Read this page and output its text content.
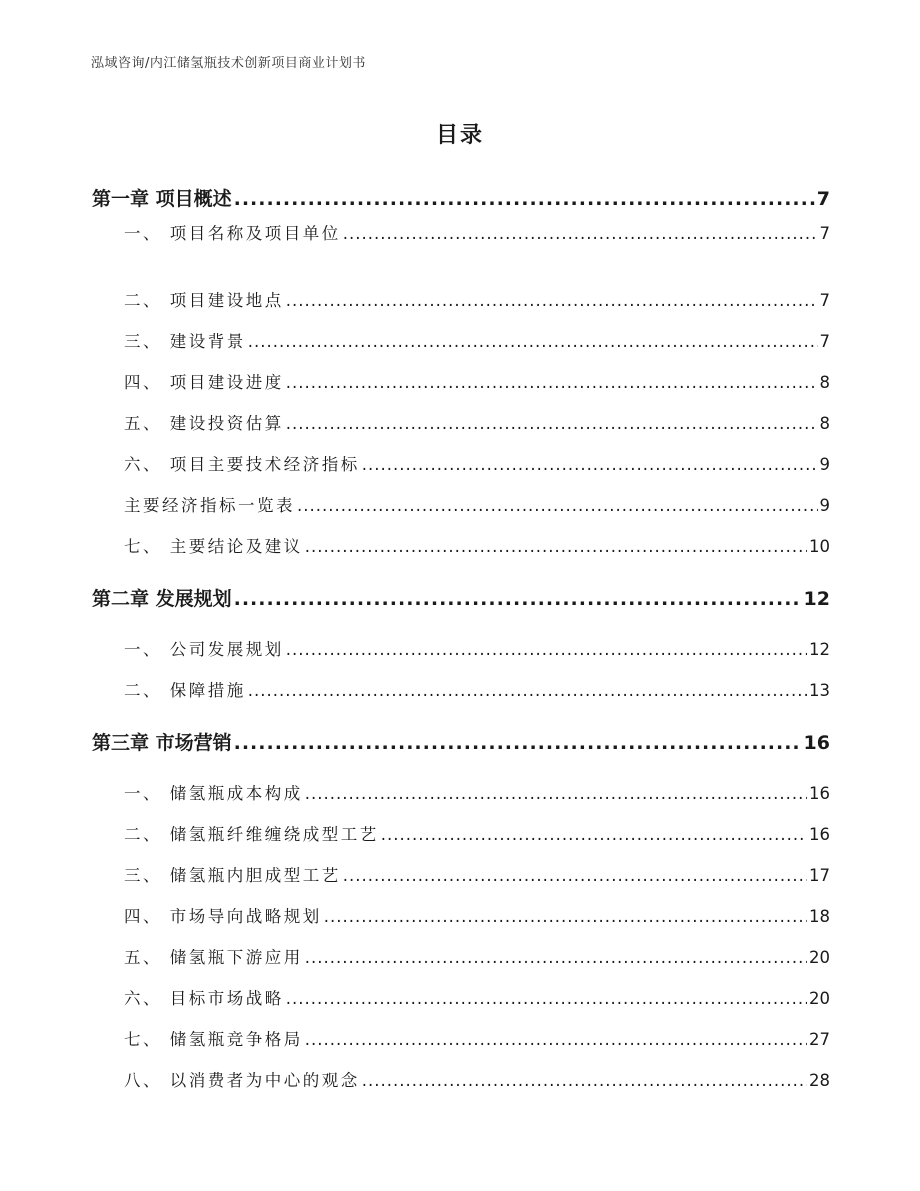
泓域咨询/内江储氢瓶技术创新项目商业计划书
目录
第一章 项目概述 .....	7
一、 项目名称及项目单位 .....	7
二、 项目建设地点 .....	7
三、 建设背景 .....	7
四、 项目建设进度 .....	8
五、 建设投资估算 .....	8
六、 项目主要技术经济指标 .....	9
主要经济指标一览表 .....	9
七、 主要结论及建议 .....	10
第二章 发展规划 .....	12
一、 公司发展规划 .....	12
二、 保障措施 .....	13
第三章 市场营销 .....	16
一、 储氢瓶成本构成 .....	16
二、 储氢瓶纤维缠绕成型工艺 .....	16
三、 储氢瓶内胆成型工艺 .....	17
四、 市场导向战略规划 .....	18
五、 储氢瓶下游应用 .....	20
六、 目标市场战略 .....	20
七、 储氢瓶竞争格局 .....	27
八、 以消费者为中心的观念 .....	28
